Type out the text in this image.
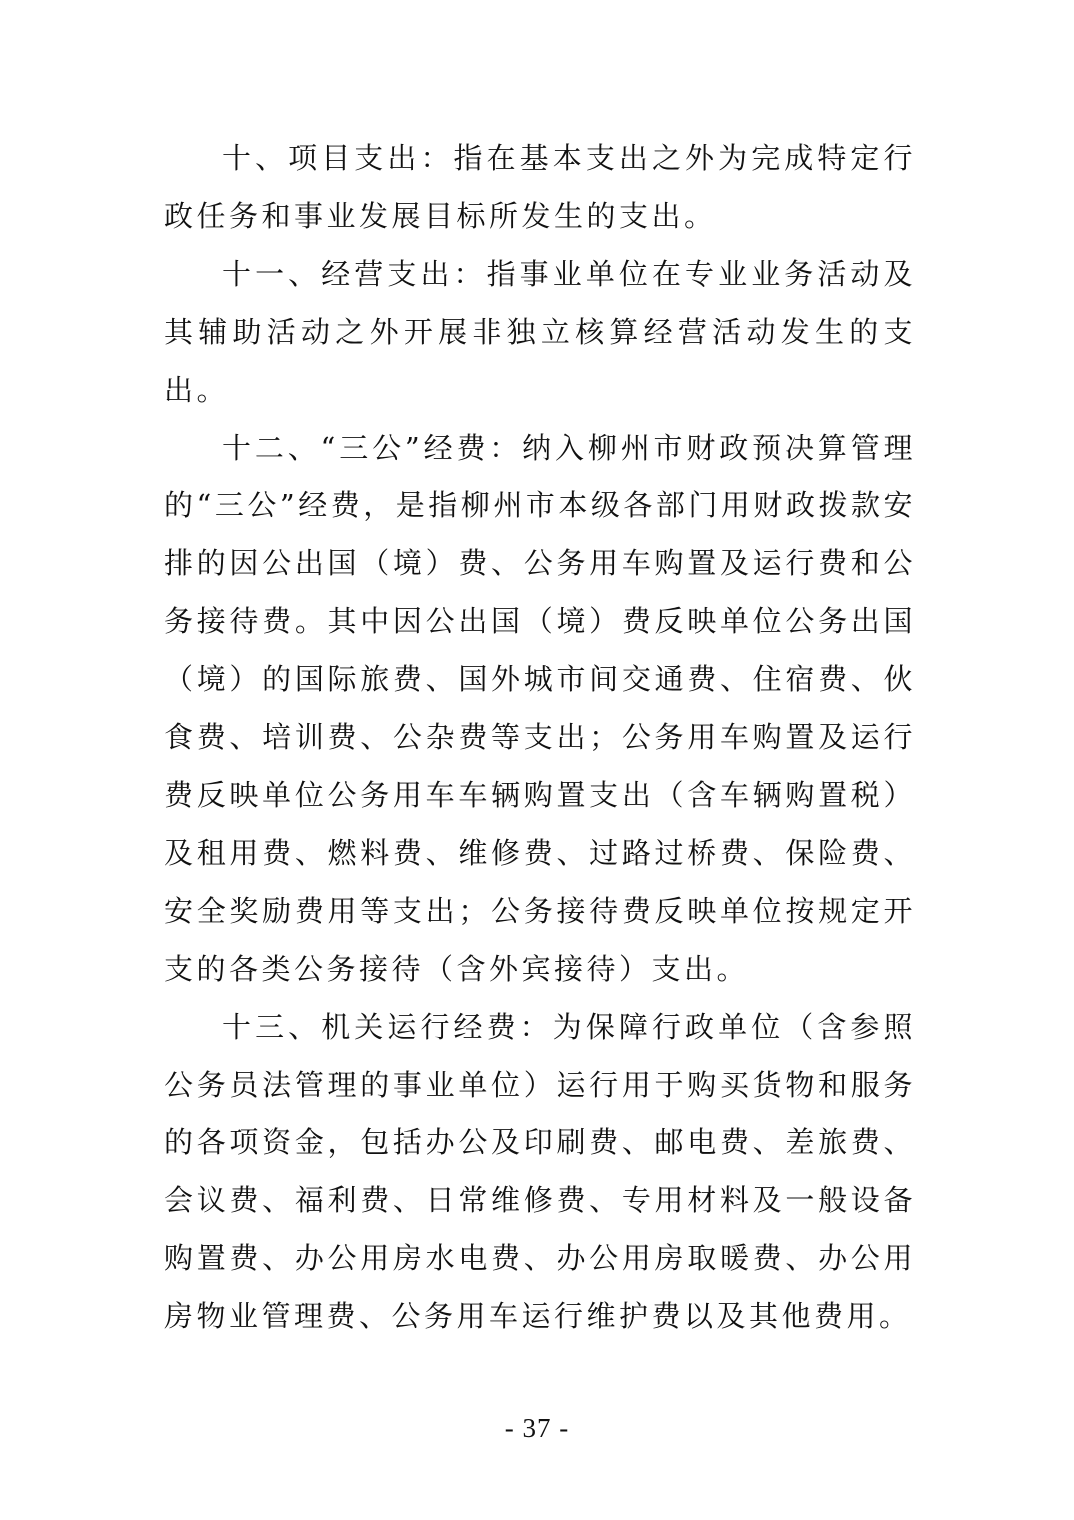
十、项目支出：指在基本支出之外为完成特定行政任务和事业发展目标所发生的支出。

十一、经营支出：指事业单位在专业业务活动及其辅助活动之外开展非独立核算经营活动发生的支出。

十二、“三公”经费：纳入柳州市财政预决算管理的“三公”经费，是指柳州市本级各部门用财政拨款安排的因公出国（境）费、公务用车购置及运行费和公务接待费。其中因公出国（境）费反映单位公务出国（境）的国际旅费、国外城市间交通费、住宿费、伙食费、培训费、公杂费等支出；公务用车购置及运行费反映单位公务用车车辆购置支出（含车辆购置税）及租用费、燃料费、维修费、过路过桥费、保险费、安全奖励费用等支出；公务接待费反映单位按规定开支的各类公务接待（含外宾接待）支出。

十三、机关运行经费：为保障行政单位（含参照公务员法管理的事业单位）运行用于购买货物和服务的各项资金，包括办公及印刷费、邮电费、差旅费、会议费、福利费、日常维修费、专用材料及一般设备购置费、办公用房水电费、办公用房取暖费、办公用房物业管理费、公务用车运行维护费以及其他费用。

- 37 -
